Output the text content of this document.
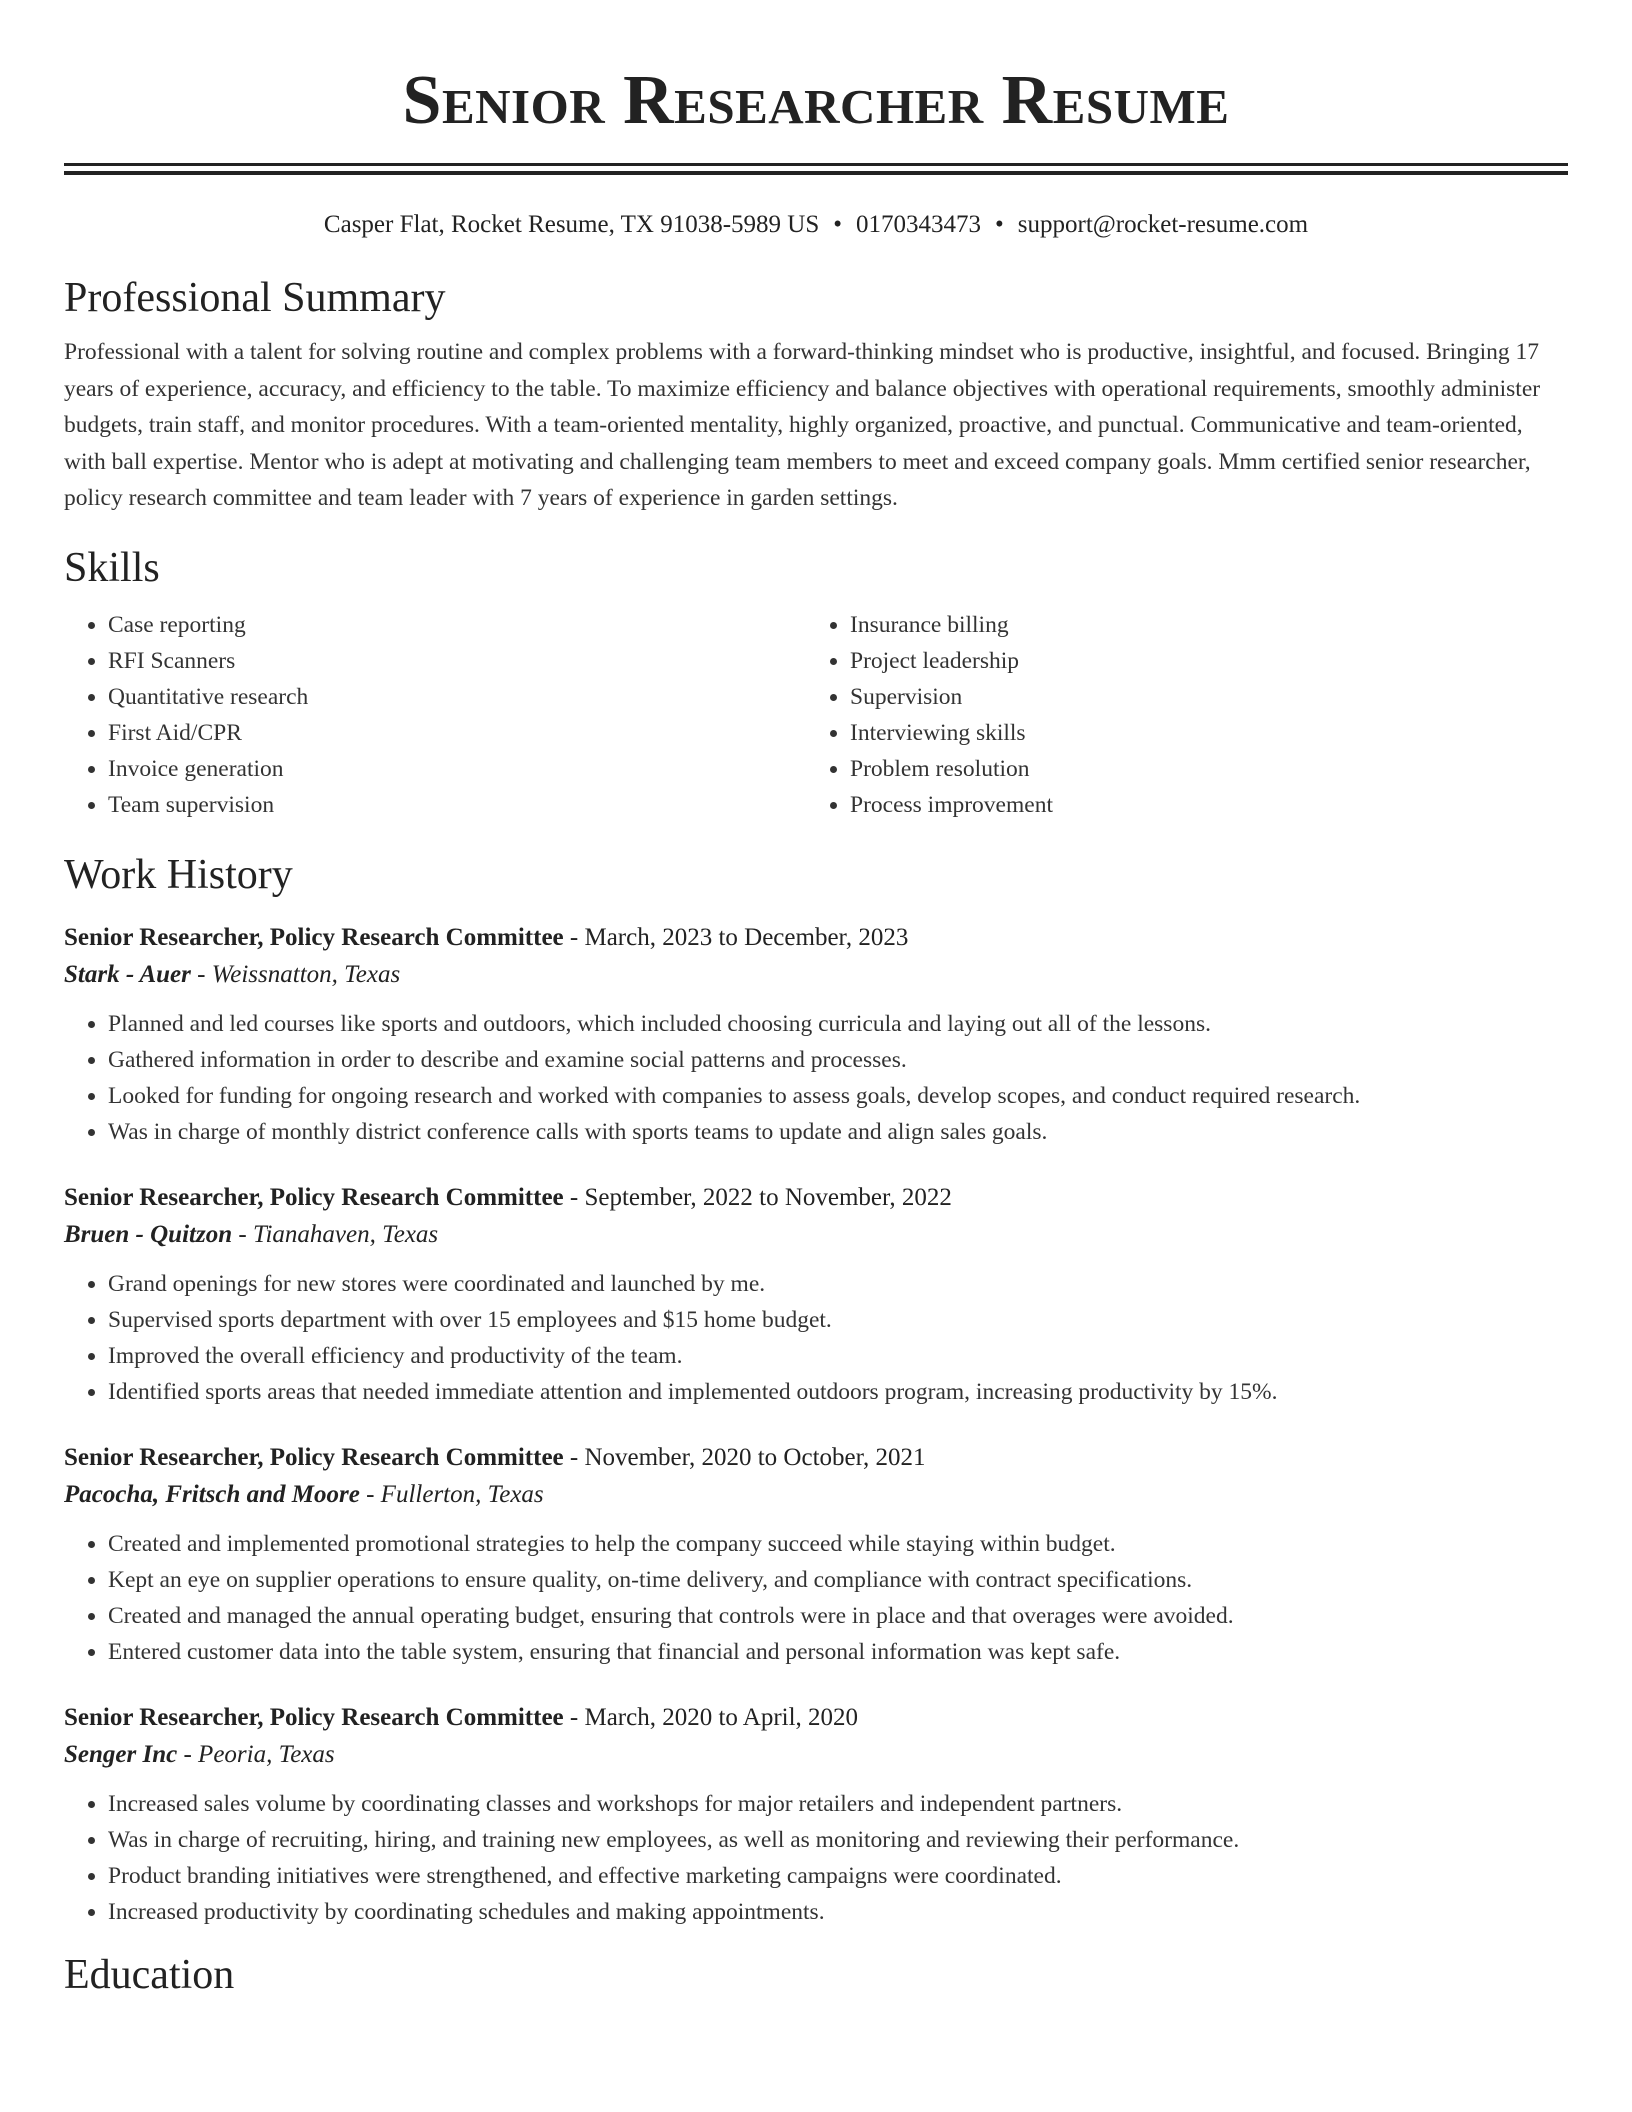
Senior Researcher Resume
Casper Flat, Rocket Resume, TX 91038-5989 US • 0170343473 • support@rocket-resume.com
Professional Summary

Professional with a talent for solving routine and complex problems with a forward-thinking mindset who is productive, insightful, and focused. Bringing 17 years of experience, accuracy, and efficiency to the table. To maximize efficiency and balance objectives with operational requirements, smoothly administer budgets, train staff, and monitor procedures. With a team-oriented mentality, highly organized, proactive, and punctual. Communicative and team-oriented, with ball expertise. Mentor who is adept at motivating and challenging team members to meet and exceed company goals. Mmm certified senior researcher, policy research committee and team leader with 7 years of experience in garden settings.

Skills
• Case reporting
• RFI Scanners
• Quantitative research
• First Aid/CPR
• Invoice generation
• Team supervision
• Insurance billing
• Project leadership
• Supervision
• Interviewing skills
• Problem resolution
• Process improvement
Work History
Senior Researcher, Policy Research Committee - March, 2023 to December, 2023
Stark - Auer - Weissnatton, Texas
• Planned and led courses like sports and outdoors, which included choosing curricula and laying out all of the lessons.
• Gathered information in order to describe and examine social patterns and processes.
• Looked for funding for ongoing research and worked with companies to assess goals, develop scopes, and conduct required research.
• Was in charge of monthly district conference calls with sports teams to update and align sales goals.
Senior Researcher, Policy Research Committee - September, 2022 to November, 2022
Bruen - Quitzon - Tianahaven, Texas
• Grand openings for new stores were coordinated and launched by me.
• Supervised sports department with over 15 employees and $15 home budget.
• Improved the overall efficiency and productivity of the team.
• Identified sports areas that needed immediate attention and implemented outdoors program, increasing productivity by 15%.
Senior Researcher, Policy Research Committee - November, 2020 to October, 2021
Pacocha, Fritsch and Moore - Fullerton, Texas
• Created and implemented promotional strategies to help the company succeed while staying within budget.
• Kept an eye on supplier operations to ensure quality, on-time delivery, and compliance with contract specifications.
• Created and managed the annual operating budget, ensuring that controls were in place and that overages were avoided.
• Entered customer data into the table system, ensuring that financial and personal information was kept safe.
Senior Researcher, Policy Research Committee - March, 2020 to April, 2020
Senger Inc - Peoria, Texas
• Increased sales volume by coordinating classes and workshops for major retailers and independent partners.
• Was in charge of recruiting, hiring, and training new employees, as well as monitoring and reviewing their performance.
• Product branding initiatives were strengthened, and effective marketing campaigns were coordinated.
• Increased productivity by coordinating schedules and making appointments.
Education
